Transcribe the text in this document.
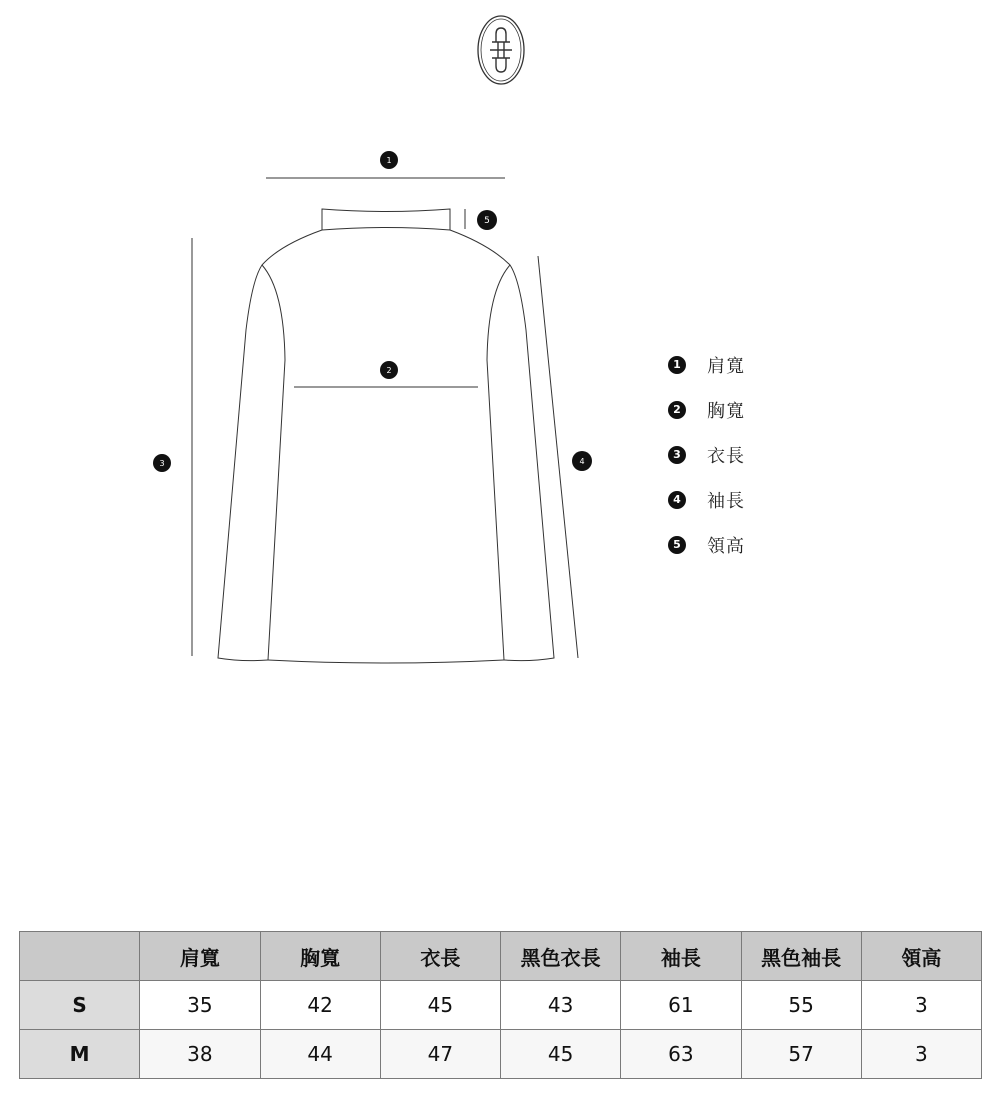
1
5
2
3	4
1 肩寬
2 胸寬
3 衣長
4 袖長
5 領高
	肩寬	胸寬	衣長	黑色衣長	袖長	黑色袖長	領高
S	35	42	45	43	61	55	3
M	38	44	47	45	63	57	3
